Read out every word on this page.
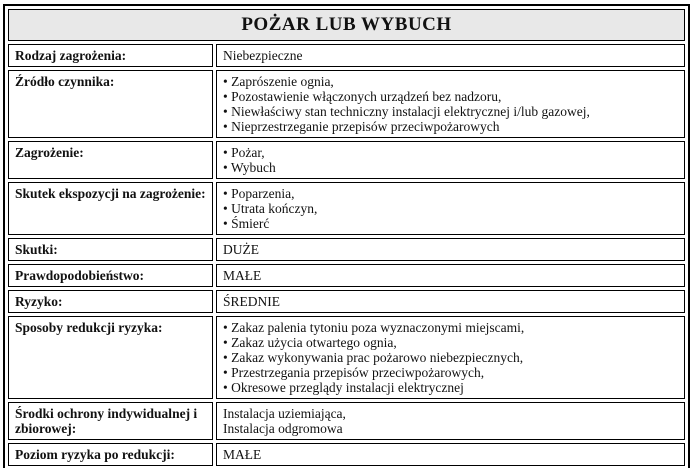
POŻAR LUB WYBUCH	
Rodzaj zagrożenia:	Niebezpieczne

Źródło czynnika:	• Zaprószenie ognia,
• Pozostawienie włączonych urządzeń bez nadzoru,
• Niewłaściwy stan techniczny instalacji elektrycznej i/lub gazowej,
• Nieprzestrzeganie przepisów przeciwpożarowych

Zagrożenie:	• Pożar,
• Wybuch

Skutek ekspozycji na zagrożenie:	• Poparzenia,
• Utrata kończyn,
• Śmierć

Skutki:	DUŻE

Prawdopodobieństwo:	MAŁE

Ryzyko:	ŚREDNIE

Sposoby redukcji ryzyka:	• Zakaz palenia tytoniu poza wyznaczonymi miejscami,
• Zakaz użycia otwartego ognia,
• Zakaz wykonywania prac pożarowo niebezpiecznych,
• Przestrzegania przepisów przeciwpożarowych,
• Okresowe przeglądy instalacji elektrycznej

Środki ochrony indywidualnej i zbiorowej:	Instalacja uziemiająca,
Instalacja odgromowa

Poziom ryzyka po redukcji:	MAŁE
